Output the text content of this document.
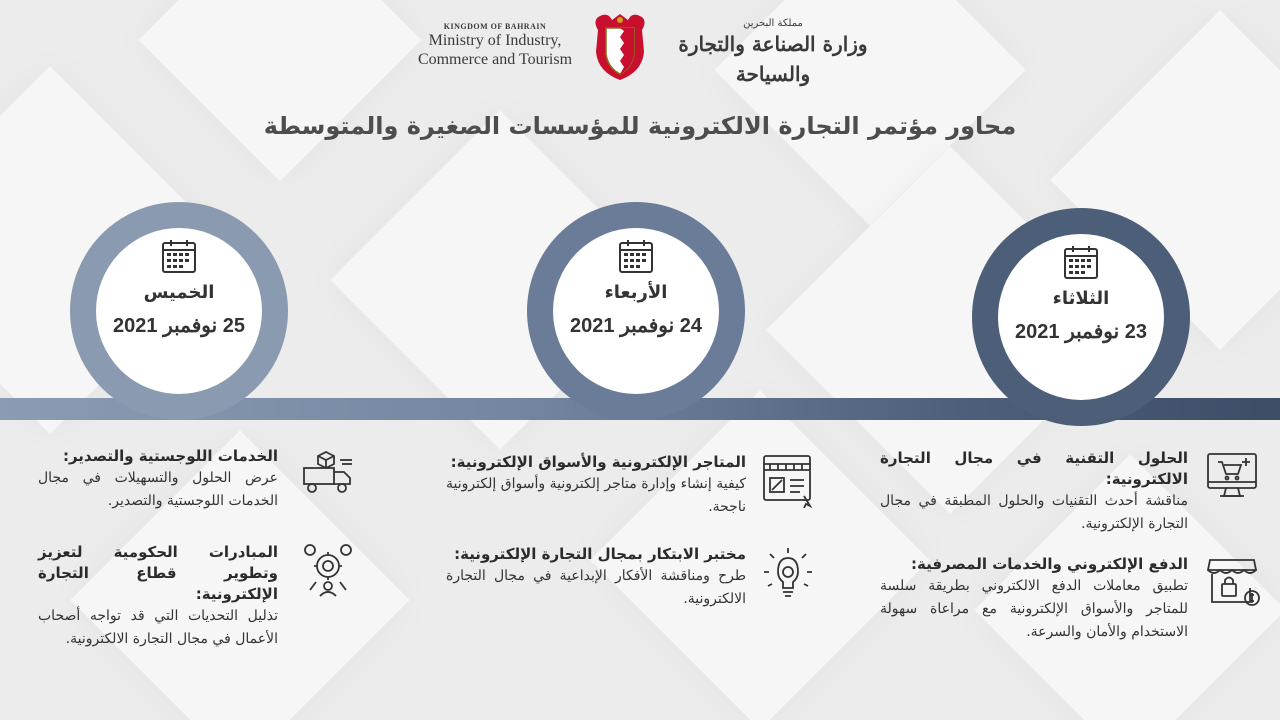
KINGDOM OF BAHRAIN
Ministry of Industry,
Commerce and Tourism
مملكة البحرين
وزارة الصناعة والتجارة والسياحة
محاور مؤتمر التجارة الالكترونية للمؤسسات الصغيرة والمتوسطة
الخميس
25 نوفمبر 2021
الأربعاء
24 نوفمبر 2021
الثلاثاء
23 نوفمبر 2021
الخدمات اللوجستية والتصدير:
عرض الحلول والتسهيلات في مجال الخدمات اللوجستية والتصدير.
المبادرات الحكومية لتعزيز وتطوير قطاع التجارة الإلكترونية:
تذليل التحديات التي قد تواجه أصحاب الأعمال في مجال التجارة الالكترونية.
المتاجر الإلكترونية والأسواق الإلكترونية:
كيفية إنشاء وإدارة متاجر إلكترونية وأسواق إلكترونية ناجحة.
مختبر الابتكار بمجال التجارة الإلكترونية:
طرح ومناقشة الأفكار الإبداعية في مجال التجارة الالكترونية.
الحلول التقنية في مجال التجارة الالكترونية:
مناقشة أحدث التقنيات والحلول المطبقة في مجال التجارة الإلكترونية.
الدفع الإلكتروني والخدمات المصرفية:
تطبيق معاملات الدفع الالكتروني بطريقة سلسة للمتاجر والأسواق الإلكترونية مع مراعاة سهولة الاستخدام والأمان والسرعة.
